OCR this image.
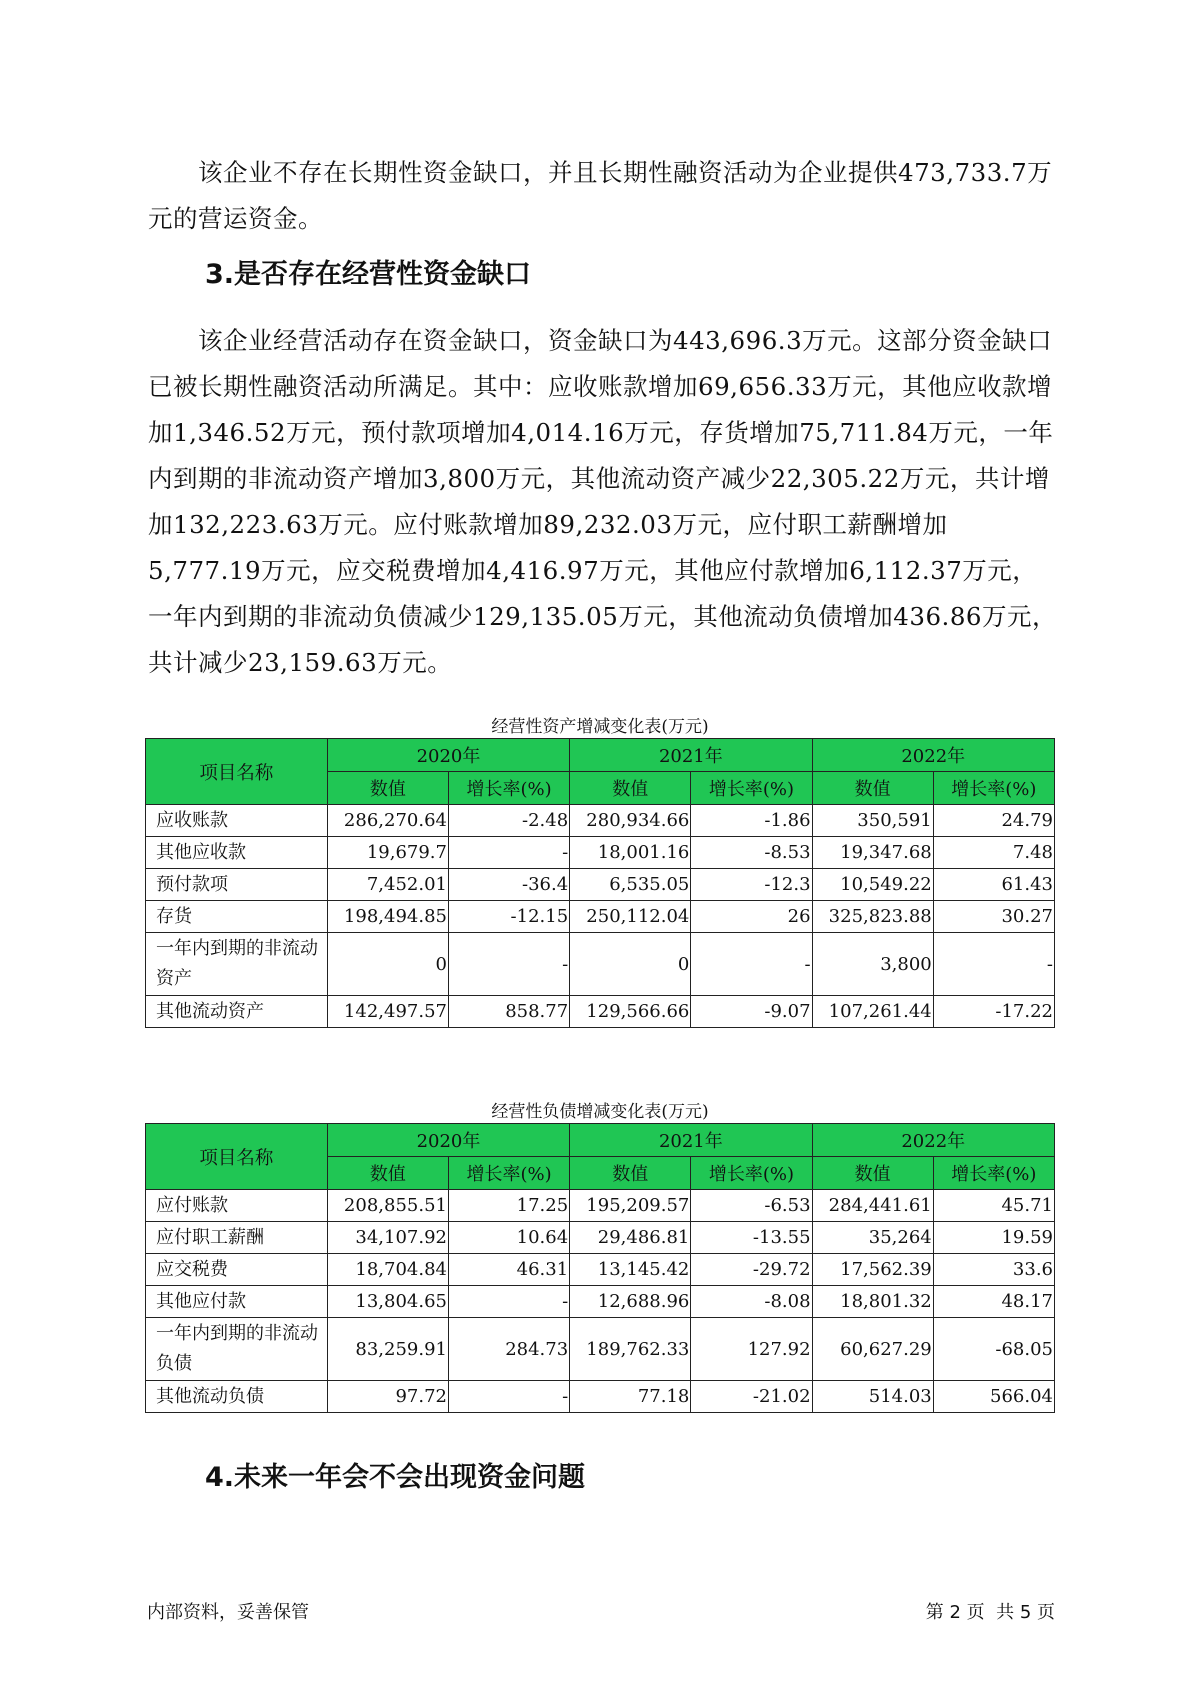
该企业不存在长期性资金缺口，并且长期性融资活动为企业提供473,733.7万元的营运资金。

3.是否存在经营性资金缺口

该企业经营活动存在资金缺口，资金缺口为443,696.3万元。这部分资金缺口已被长期性融资活动所满足。其中：应收账款增加69,656.33万元，其他应收款增加1,346.52万元，预付款项增加4,014.16万元，存货增加75,711.84万元，一年内到期的非流动资产增加3,800万元，其他流动资产减少22,305.22万元，共计增加132,223.63万元。应付账款增加89,232.03万元，应付职工薪酬增加5,777.19万元，应交税费增加4,416.97万元，其他应付款增加6,112.37万元，一年内到期的非流动负债减少129,135.05万元，其他流动负债增加436.86万元，共计减少23,159.63万元。

经营性资产增减变化表(万元)

项目名称	2020年		2021年		2022年	
	数值	增长率(%)	数值	增长率(%)	数值	增长率(%)
应收账款	286,270.64	-2.48	280,934.66	-1.86	350,591	24.79
其他应收款	19,679.7	-	18,001.16	-8.53	19,347.68	7.48
预付款项	7,452.01	-36.4	6,535.05	-12.3	10,549.22	61.43
存货	198,494.85	-12.15	250,112.04	26	325,823.88	30.27
一年内到期的非流动资产	0	-	0	-	3,800	-
其他流动资产	142,497.57	858.77	129,566.66	-9.07	107,261.44	-17.22

经营性负债增减变化表(万元)

项目名称	2020年		2021年		2022年	
	数值	增长率(%)	数值	增长率(%)	数值	增长率(%)
应付账款	208,855.51	17.25	195,209.57	-6.53	284,441.61	45.71
应付职工薪酬	34,107.92	10.64	29,486.81	-13.55	35,264	19.59
应交税费	18,704.84	46.31	13,145.42	-29.72	17,562.39	33.6
其他应付款	13,804.65	-	12,688.96	-8.08	18,801.32	48.17
一年内到期的非流动负债	83,259.91	284.73	189,762.33	127.92	60,627.29	-68.05
其他流动负债	97.72	-	77.18	-21.02	514.03	566.04
4.未来一年会不会出现资金问题

内部资料，妥善保管	第 2 页  共 5 页
